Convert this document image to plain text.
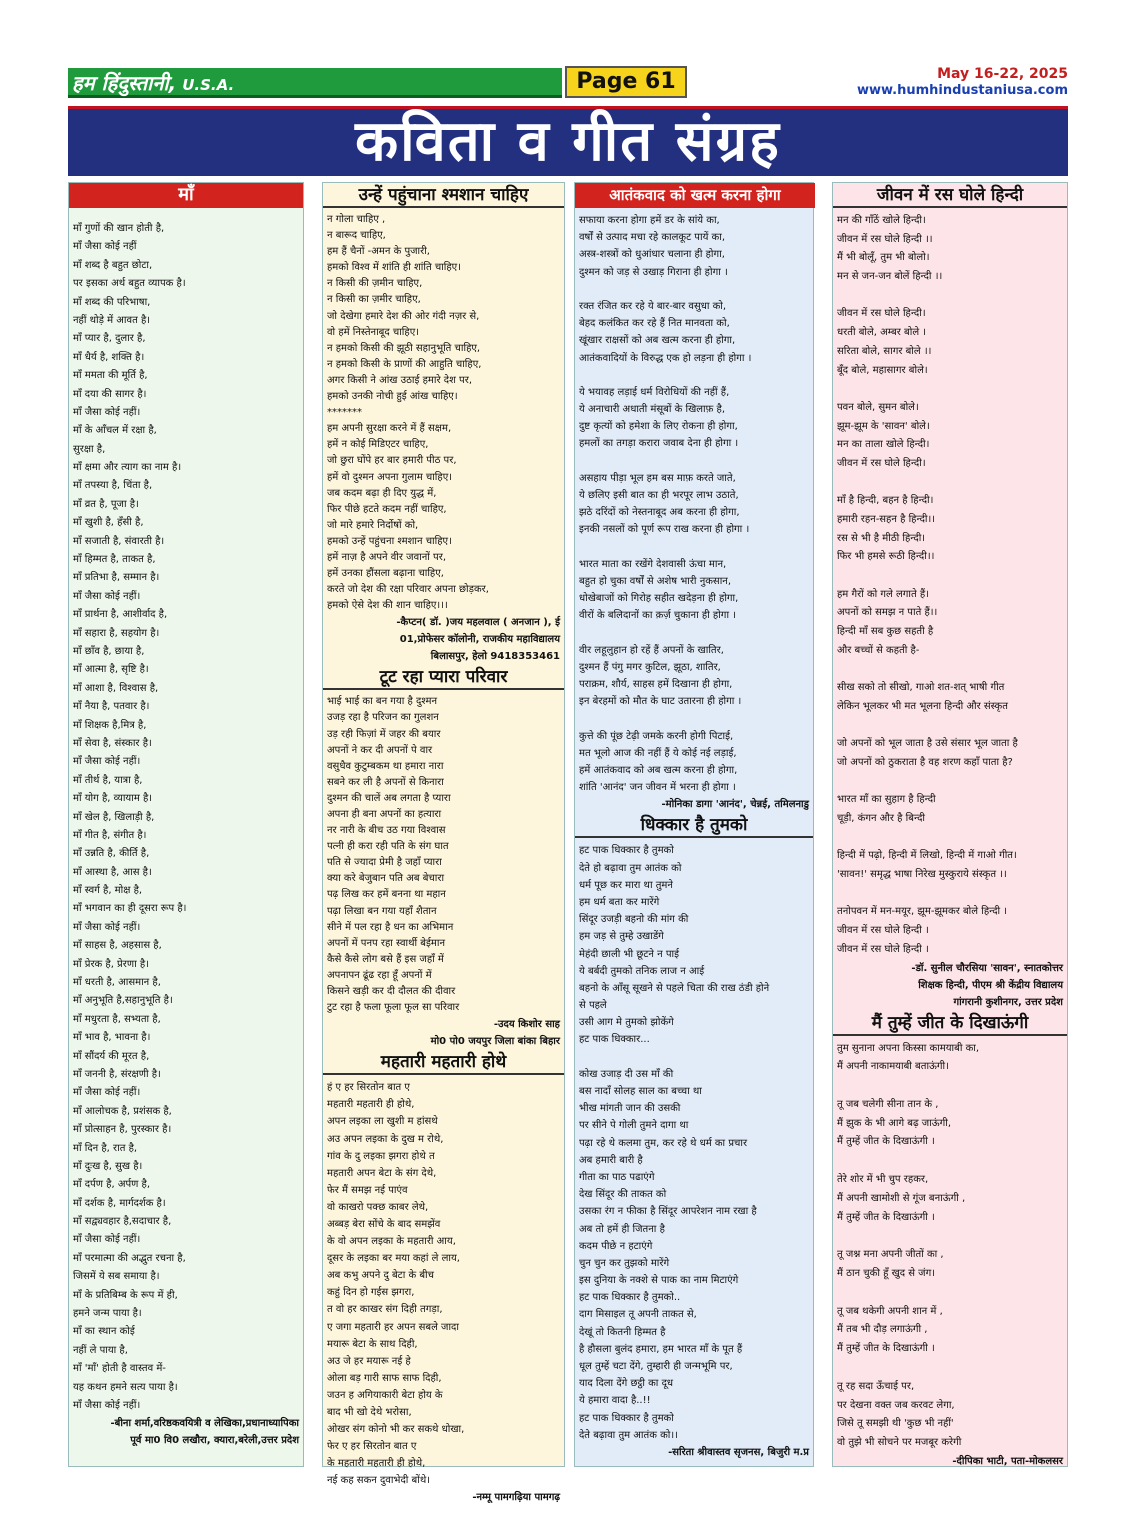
हम हिंदुस्तानी, U.S.A.	Page 61	May 16-22, 2025
www.humhindustaniusa.com
कविता व गीत संग्रह
माँ
माँ गुणों की खान होती है,
माँ जैसा कोई नहीं
माँ शब्द है बहुत छोटा,
पर इसका अर्थ बहुत व्यापक है।
माँ शब्द की परिभाषा,
नहीं थोड़े में आवत है।
माँ प्यार है, दुलार है,
माँ धैर्य है, शक्ति है।
माँ ममता की मूर्ति है,
माँ दया की सागर है।
माँ जैसा कोई नहीं।
माँ के आँचल में रक्षा है,
सुरक्षा है,
माँ क्षमा और त्याग का नाम है।
माँ तपस्या है, चिंता है,
माँ व्रत है, पूजा है।
माँ खुशी है, हँसी है,
माँ सजाती है, संवारती है।
माँ हिम्मत है, ताकत है,
माँ प्रतिभा है, सम्मान है।
माँ जैसा कोई नहीं।
माँ प्रार्थना है, आशीर्वाद है,
माँ सहारा है, सहयोग है।
माँ छाँव है, छाया है,
माँ आत्मा है, सृष्टि है।
माँ आशा है, विश्वास है,
माँ नैया है, पतवार है।
माँ शिक्षक है,मित्र है,
माँ सेवा है, संस्कार है।
माँ जैसा कोई नहीं।
माँ तीर्थ है, यात्रा है,
माँ योग है, व्यायाम है।
माँ खेल है, खिलाड़ी है,
माँ गीत है, संगीत है।
माँ उन्नति है, कीर्ति है,
माँ आस्था है, आस है।
माँ स्वर्ग है, मोक्ष है,
माँ भगवान का ही दूसरा रूप है।
माँ जैसा कोई नहीं।
माँ साहस है, अहसास है,
माँ प्रेरक है, प्रेरणा है।
माँ धरती है, आसमान है,
माँ अनुभूति है,सहानुभूति है।
माँ मधुरता है, सभ्यता है,
माँ भाव है, भावना है।
माँ सौंदर्य की मूरत है,
माँ जननी है, संरक्षणी है।
माँ जैसा कोई नहीं।
माँ आलोचक है, प्रशंसक है,
माँ प्रोत्साहन है, पुरस्कार है।
माँ दिन है, रात है,
माँ दुःख है, सुख है।
माँ दर्पण है, अर्पण है,
माँ दर्शक है, मार्गदर्शक है।
माँ सद्व्यवहार है,सदाचार है,
माँ जैसा कोई नहीं।
माँ परमात्मा की अद्भुत रचना है,
जिसमें ये सब समाया है।
माँ के प्रतिबिम्ब के रूप में ही,
हमने जन्म पाया है।
माँ का स्थान कोई
नहीं ले पाया है,
माँ 'माँ' होती है वास्तव में-
यह कथन हमने सत्य पाया है।
माँ जैसा कोई नहीं।
-बीना शर्मा,वरिष्ठकवयित्री व लेखिका,प्रधानाध्यापिका
पूर्व मा0 वि0 लखौरा, क्यारा,बरेली,उत्तर प्रदेश
उन्हें पहुंचाना श्मशान चाहिए
न गोला चाहिए ,
न बारूद चाहिए,
हम हैं चैनों -अमन के पुजारी,
हमको विश्व में शांति ही शांति चाहिए।
न किसी की ज़मीन चाहिए,
न किसी का ज़मीर चाहिए,
जो देखेगा हमारे देश की ओर गंदी नज़र से,
वो हमें निस्तेनाबूद चाहिए।
न हमको किसी की झूठी सहानुभूति चाहिए,
न हमको किसी के प्राणों की आहुति चाहिए,
अगर किसी ने आंख उठाई हमारे देश पर,
हमको उनकी नोची हुई आंख चाहिए।
*******
हम अपनी सुरक्षा करने में हैं सक्षम,
हमें न कोई मिडिएटर चाहिए,
जो छुरा घोंपे हर बार हमारी पीठ पर,
हमें वो दुश्मन अपना गुलाम चाहिए।
जब कदम बढ़ा ही दिए युद्ध में,
फिर पीछे हटते कदम नहीं चाहिए,
जो मारे हमारे निर्दोषों को,
हमको उन्हें पहुंचना श्मशान चाहिए।
हमें नाज़ है अपने वीर जवानों पर,
हमें उनका हौंसला बढ़ाना चाहिए,
करते जो देश की रक्षा परिवार अपना छोड़कर,
हमको ऐसे देश की शान चाहिए।।।
-कैप्टन( डॉ. )जय महलवाल ( अनजान ), ई
01,प्रोफेसर कॉलोनी, राजकीय महाविद्यालय
बिलासपुर, हेलो 9418353461
टूट रहा प्यारा परिवार
भाई भाई का बन गया है दुश्मन
उजड़ रहा है परिजन का गुलशन
उड़ रही फिज़ां में जहर की बयार
अपनों ने कर दी अपनों पे वार
वसुधैव कुटुम्बकम था हमारा नारा
सबने कर ली है अपनों से किनारा
दुश्मन की चालें अब लगता है प्यारा
अपना ही बना अपनों का हत्यारा
नर नारी के बीच उठ गया विश्वास
पत्नी ही करा रही पति के संग घात
पति से ज्यादा प्रेमी है जहाँ प्यारा
क्या करे बेजुबान पति अब बेचारा
पढ़ लिख कर हमें बनना था महान
पढ़ा लिखा बन गया यहाँ शैतान
सीने में पल रहा है धन का अभिमान
अपनों में पनप रहा स्वार्थी बेईमान
कैसे कैसे लोग बसे हैं इस जहाँ में
अपनापन ढूंढ रहा हूँ अपनों में
किसने खड़ी कर दी दौलत की दीवार
टुट रहा है फला फूला फूल सा परिवार
-उदय किशोर साह
मो0 पो0 जयपुर जिला बांका बिहार
महतारी महतारी होथे
हं ए हर सिरतोन बात ए
महतारी महतारी ही होथे,
अपन लइका ला खुशी म हांसथे
अउ अपन लइका के दुख म रोथे,
गांव के दु लइका झगरा होथे त
महतारी अपन बेटा के संग देथे,
फेर मैं समझ नई पाएंव
वो काखरो पक्छ काबर लेथे,
अब्बड़ बेरा सोंचे के बाद समझेंव
के वो अपन लइका के महतारी आय,
दूसर के लइका बर मया कहां ले लाय,
अब कभु अपने दु बेटा के बीच
कहुं दिन हो गईस झगरा,
त वो हर काखर संग दिही तगड़ा,
ए जगा महतारी हर अपन सबले जादा
मयारू बेटा के साथ दिही,
अउ जे हर मयारू नई हे
ओला बड़ गारी साफ साफ दिही,
जउन ह अगियाकारी बेटा होय के
बाद भी खो देथे भरोसा,
ओखर संग कोनो भी कर सकथे धोखा,
फेर ए हर सिरतोन बात ए
के महतारी महतारी ही होथे,
नई कह सकन दुवाभेदी बोंथे।
-नम्मू पामगढ़िया पामगढ़
आतंकवाद को खत्म करना होगा
सफाया करना होगा हमें डर के सांये का,
वर्षों से उत्पाद मचा रहे कालकूट पायें का,
अस्त्र-शस्त्रों को धुआंधार चलाना ही होगा,
दुश्मन को जड़ से उखाड़ गिराना ही होगा ।

रक्त रंजित कर रहे ये बार-बार वसुधा को,
बेहद कलंकित कर रहे हैं नित मानवता को,
खूंखार राक्षसों को अब खत्म करना ही होगा,
आतंकवादियों के विरुद्ध एक हो लड़ना ही होगा ।

ये भयावह लड़ाई धर्म विरोधियों की नहीं हैं,
ये अनाचारी अधाती मंसूबों के खिलाफ़ है,
दुष्ट कृत्यों को हमेशा के लिए रोकना ही होगा,
हमलों का तगड़ा करारा जवाब देना ही होगा ।

असहाय पीड़ा भूल हम बस माफ़ करते जाते,
ये छलिए इसी बात का ही भरपूर लाभ उठाते,
झठे दरिंदों को नेस्तनाबूद अब करना ही होगा,
इनकी नसलों को पूर्ण रूप राख करना ही होगा ।

भारत माता का रखेंगे देशवासी ऊंचा मान,
बहुत हो चुका वर्षों से अशेष भारी नुकसान,
धोखेबाजों को गिरोह सहीत खदेड़ना ही होगा,
वीरों के बलिदानों का क़र्ज़ चुकाना ही होगा ।

वीर लहूलुहान हो रहें हैं अपनों के खातिर,
दुश्मन हैं पंगु मगर कुटिल, झूठा, शातिर,
पराक्रम, शौर्य, साहस हमें दिखाना ही होगा,
इन बेरहमों को मौत के घाट उतारना ही होगा ।

कुत्ते की पूंछ टेढ़ी जमके करनी होगी पिटाई,
मत भूलो आज की नहीं हैं ये कोई नई लड़ाई,
हमें आतंकवाद को अब खत्म करना ही होगा,
शांति 'आनंद' जन जीवन में भरना ही होगा ।
-मोनिका डागा 'आनंद', चेन्नई, तमिलनाडु
धिक्कार है तुमको
हट पाक धिक्कार है तुमको
देते हो बढ़ावा तुम आतंक को
धर्म पूछ कर मारा था तुमने
हम धर्म बता कर मारेंगे
सिंदूर उजड़ी बहनो की मांग की
हम जड़ से तुम्हे उखाडेंगे
मेहंदी छाली भी छूटने न पाई
ये बर्बदी तुमको तनिक लाज न आई
बहनो के आँसू सूखने से पहले चिता की राख ठंडी होने
से पहले
उसी आग मे तुमको झोकेंगे
हट पाक धिक्कार...

कोख उजाड़ दी उस माँ की
बस नादाँ सोलह साल का बच्चा था
भीख मांगती जान की उसकी
पर सीने पे गोली तुमने दागा था
पढ़ा रहे थे कलमा तुम, कर रहे थे धर्म का प्रचार
अब हमारी बारी है
गीता का पाठ पढाएंगे
देख सिंदूर की ताकत को
उसका रंग न फीका है सिंदूर आपरेशन नाम रखा है
अब तो हमें ही जितना है
कदम पीछे न हटाएंगे
चुन चुन कर तुझको मारेंगे
इस दुनिया के नक्शे से पाक का नाम मिटाएंगे
हट पाक धिक्कार है तुमको..
दाग मिसाइल तू अपनी ताकत से,
देखूं तो कितनी हिम्मत है
है हौसला बुलंद हमारा, हम भारत माँ के पूत हैं
धूल तुम्हें चटा देंगे, तुम्हारी ही जन्मभूमि पर,
याद दिला देंगे छट्ठी का दूध
ये हमारा वादा है..!!
हट पाक धिक्कार है तुमको
देते बढ़ावा तुम आतंक को।।
-सरिता श्रीवास्तव सृजनस, बिजुरी म.प्र
जीवन में रस घोले हिन्दी
मन की गाँठें खोले हिन्दी।
जीवन में रस घोले हिन्दी ।।
मैं भी बोलूँ, तुम भी बोलो।
मन से जन-जन बोलें हिन्दी ।।

जीवन में रस घोले हिन्दी।
धरती बोले, अम्बर बोले ।
सरिता बोले, सागर बोले ।।
बूँद बोले, महासागर बोले।

पवन बोले, सुमन बोले।
झूम-झूम के 'सावन' बोले।
मन का ताला खोले हिन्दी।
जीवन में रस घोले हिन्दी।

माँ है हिन्दी, बहन है हिन्दी।
हमारी रहन-सहन है हिन्दी।।
रस से भी है मीठी हिन्दी।
फिर भी हमसे रूठी हिन्दी।।

हम गैरों को गले लगाते हैं।
अपनों को समझ न पाते हैं।।
हिन्दी माँ सब कुछ सहती है
और बच्चों से कहती है-

सीख सको तो सीखो, गाओ शत-शत् भाषी गीत
लेकिन भूलकर भी मत भूलना हिन्दी और संस्कृत

जो अपनों को भूल जाता है उसे संसार भूल जाता है
जो अपनों को ठुकराता है वह शरण कहाँ पाता है?

भारत माँ का सुहाग है हिन्दी
चूड़ी, कंगन और है बिन्दी

हिन्दी में पढ़ो, हिन्दी में लिखो, हिन्दी में गाओ गीत।
'सावन!' समृद्ध भाषा निरेख मुस्कुराये संस्कृत ।।

तनोपवन में मन-मयूर, झूम-झूमकर बोले हिन्दी ।
जीवन में रस घोले हिन्दी ।
जीवन में रस घोले हिन्दी ।
-डॉ. सुनील चौरसिया 'सावन', स्नातकोत्तर
शिक्षक हिन्दी, पीएम श्री केंद्रीय विद्यालय
गांगरानी कुशीनगर, उत्तर प्रदेश
मैं तुम्हें जीत के दिखाऊंगी
तुम सुनाना अपना किस्सा कामयाबी का,
मैं अपनी नाकामयाबी बताऊंगी।

तू जब चलेगी सीना तान के ,
मैं झुक के भी आगे बढ़ जाऊंगी,
मैं तुम्हें जीत के दिखाऊंगी ।

तेरे शोर में भी चुप रहकर,
मैं अपनी खामोशी से गूंज बनाऊंगी ,
मैं तुम्हें जीत के दिखाऊंगी ।

तू जश्न मना अपनी जीतों का ,
मैं ठान चुकी हूँ खुद से जंग।

तू जब थकेगी अपनी शान में ,
मैं तब भी दौड़ लगाऊंगी ,
मैं तुम्हें जीत के दिखाऊंगी ।

तू रह सदा ऊँचाई पर,
पर देखना वक्त जब करवट लेगा,
जिसे तू समझी थी 'कुछ भी नहीं'
वो तुझे भी सोचने पर मजबूर करेगी
-दीपिका भाटी, पता-मोकलसर
